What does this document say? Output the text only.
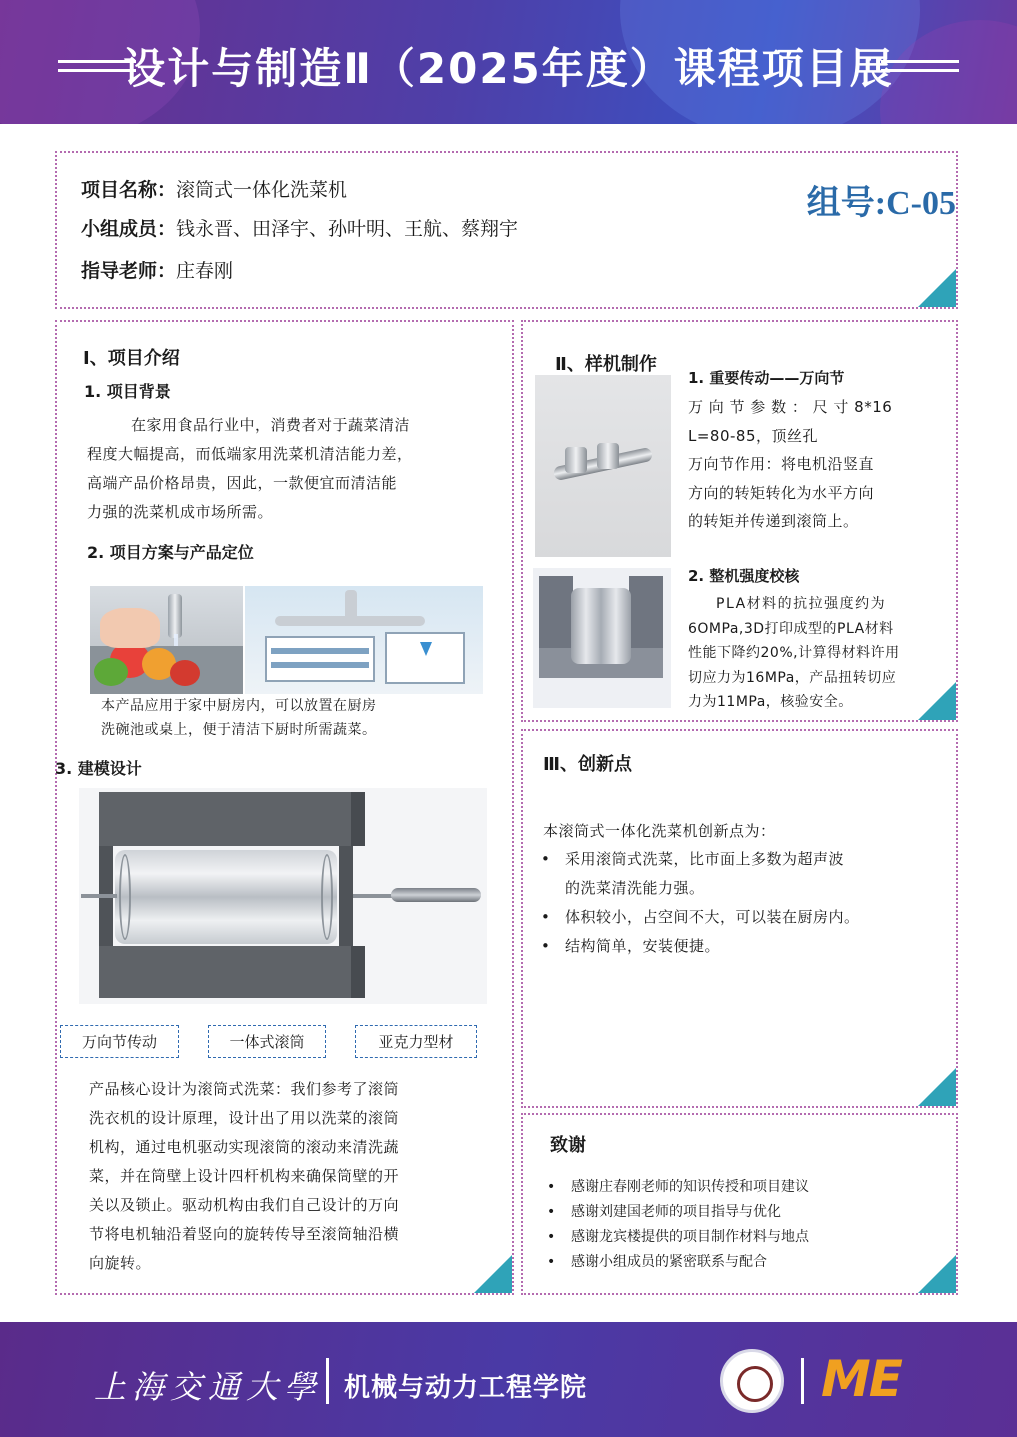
设计与制造Ⅱ（2025年度）课程项目展
项目名称：滚筒式一体化洗菜机
小组成员：钱永晋、田泽宇、孙叶明、王航、蔡翔宇
指导老师：庄春刚
组号:C-05
Ⅰ、项目介绍
1. 项目背景
在家用食品行业中，消费者对于蔬菜清洁
程度大幅提高，而低端家用洗菜机清洁能力差，
高端产品价格昂贵，因此，一款便宜而清洁能
力强的洗菜机成市场所需。
2. 项目方案与产品定位
本产品应用于家中厨房内，可以放置在厨房
洗碗池或桌上，便于清洁下厨时所需蔬菜。
3. 建模设计
万向节传动	一体式滚筒	亚克力型材
产品核心设计为滚筒式洗菜：我们参考了滚筒
洗衣机的设计原理，设计出了用以洗菜的滚筒
机构，通过电机驱动实现滚筒的滚动来清洗蔬
菜，并在筒壁上设计四杆机构来确保筒壁的开
关以及锁止。驱动机构由我们自己设计的万向
节将电机轴沿着竖向的旋转传导至滚筒轴沿横
向旋转。
Ⅱ、样机制作
1. 重要传动——万向节
万 向 节 参 数 ： 尺 寸 8*16
L=80-85，顶丝孔
万向节作用：将电机沿竖直
方向的转矩转化为水平方向
的转矩并传递到滚筒上。
2. 整机强度校核
PLA材料的抗拉强度约为
6OMPa,3D打印成型的PLA材料
性能下降约20%,计算得材料许用
切应力为16MPa，产品扭转切应
力为11MPa，核验安全。
Ⅲ、创新点
本滚筒式一体化洗菜机创新点为：
• 采用滚筒式洗菜，比市面上多数为超声波
的洗菜清洗能力强。
• 体积较小，占空间不大，可以装在厨房内。
• 结构简单，安装便捷。
致谢
• 感谢庄春刚老师的知识传授和项目建议
• 感谢刘建国老师的项目指导与优化
• 感谢龙宾楼提供的项目制作材料与地点
• 感谢小组成员的紧密联系与配合
上海交通大學 机械与动力工程学院	ME
